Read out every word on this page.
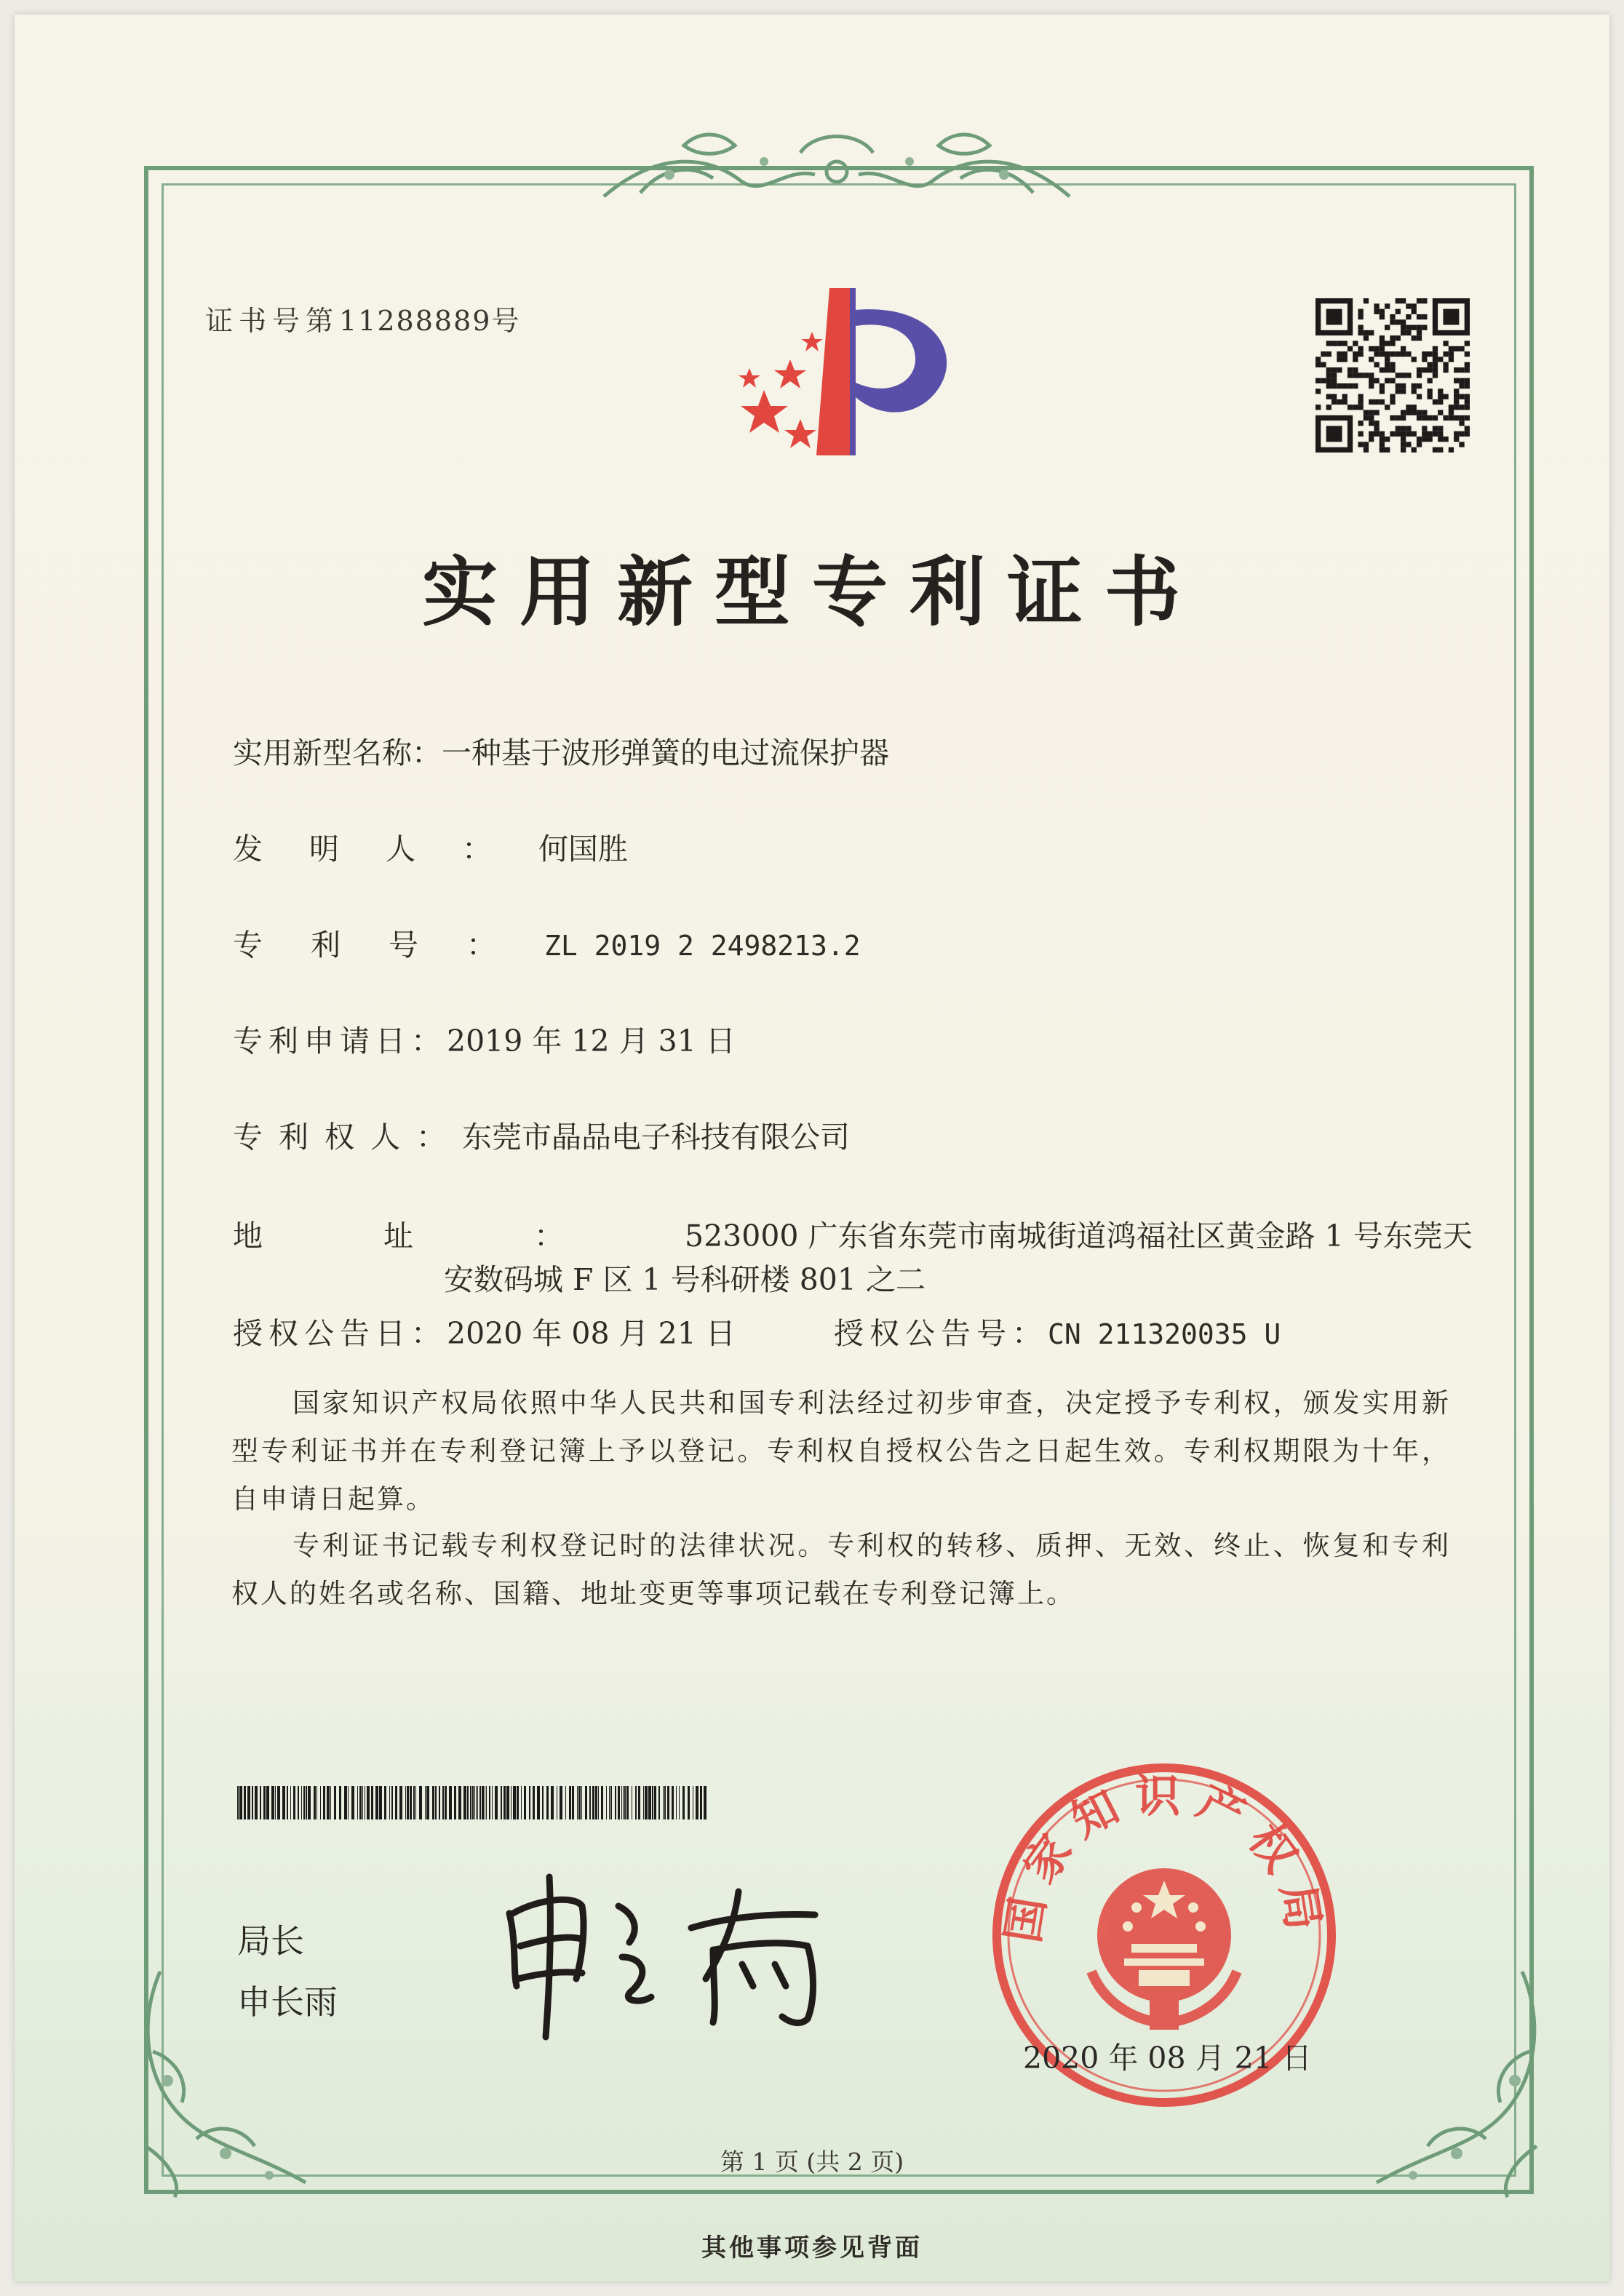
证书号第11288889号
实用新型专利证书
实用新型名称：一种基于波形弹簧的电过流保护器
发明人：何国胜
专利号：ZL 2019 2 2498213.2
专利申请日：2019 年 12 月 31 日
专利权人：东莞市晶品电子科技有限公司
地址：523000 广东省东莞市南城街道鸿福社区黄金路 1 号东莞天
安数码城 F 区 1 号科研楼 801 之二
授权公告日：2020 年 08 月 21 日	授权公告号：CN 211320035 U
国家知识产权局依照中华人民共和国专利法经过初步审查，决定授予专利权，颁发实用新型专利证书并在专利登记簿上予以登记。专利权自授权公告之日起生效。专利权期限为十年，自申请日起算。
专利证书记载专利权登记时的法律状况。专利权的转移、质押、无效、终止、恢复和专利权人的姓名或名称、国籍、地址变更等事项记载在专利登记簿上。
局长
申长雨
国家知识产权局
2020 年 08 月 21 日
第 1 页 (共 2 页)
其他事项参见背面
